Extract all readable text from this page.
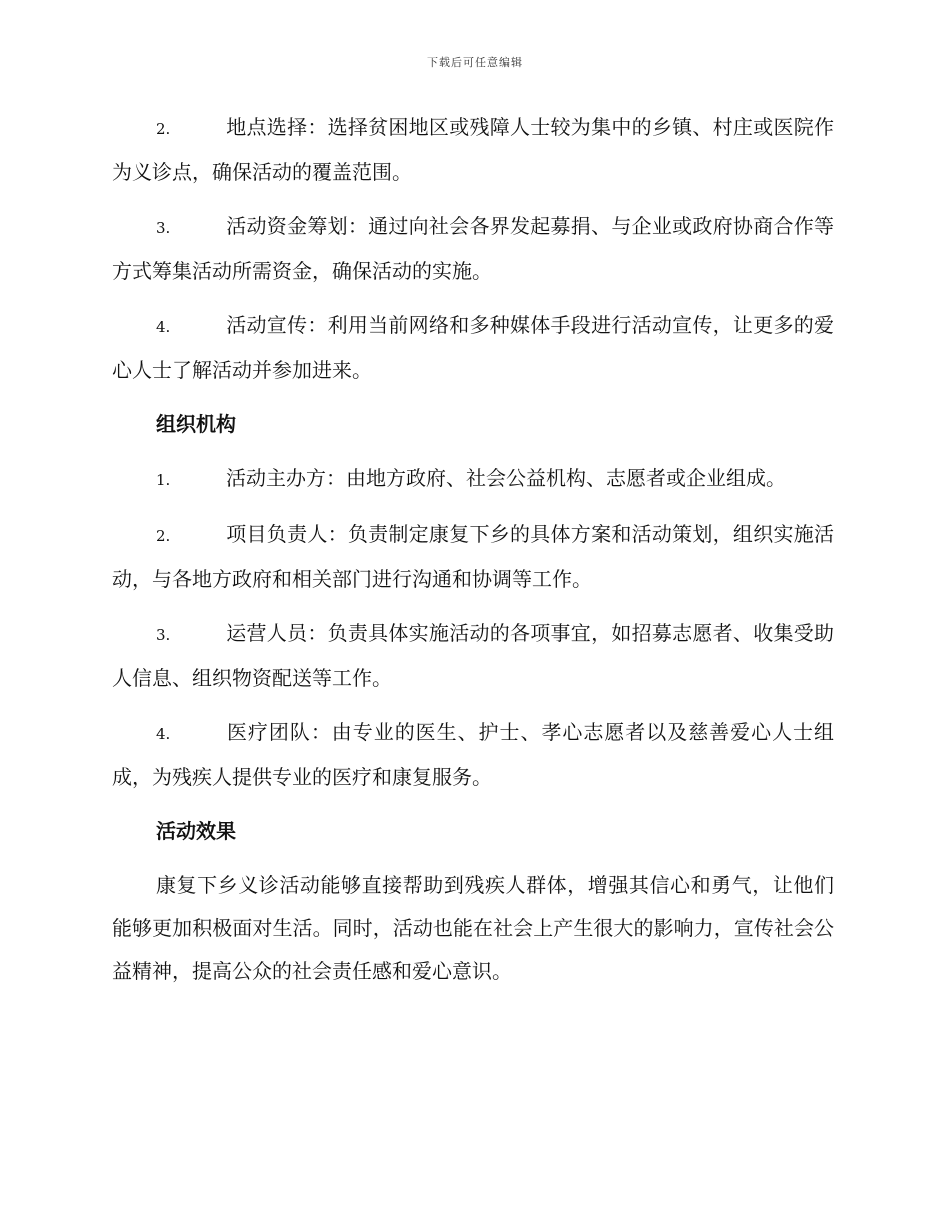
下载后可任意编辑

2.	地点选择：选择贫困地区或残障人士较为集中的乡镇、村庄或医院作为义诊点，确保活动的覆盖范围。

3.	活动资金筹划：通过向社会各界发起募捐、与企业或政府协商合作等方式筹集活动所需资金，确保活动的实施。

4.	活动宣传：利用当前网络和多种媒体手段进行活动宣传，让更多的爱心人士了解活动并参加进来。

组织机构

1.	活动主办方：由地方政府、社会公益机构、志愿者或企业组成。

2.	项目负责人：负责制定康复下乡的具体方案和活动策划，组织实施活动，与各地方政府和相关部门进行沟通和协调等工作。

3.	运营人员：负责具体实施活动的各项事宜，如招募志愿者、收集受助人信息、组织物资配送等工作。

4.	医疗团队：由专业的医生、护士、孝心志愿者以及慈善爱心人士组成，为残疾人提供专业的医疗和康复服务。

活动效果

康复下乡义诊活动能够直接帮助到残疾人群体，增强其信心和勇气，让他们能够更加积极面对生活。同时，活动也能在社会上产生很大的影响力，宣传社会公益精神，提高公众的社会责任感和爱心意识。
